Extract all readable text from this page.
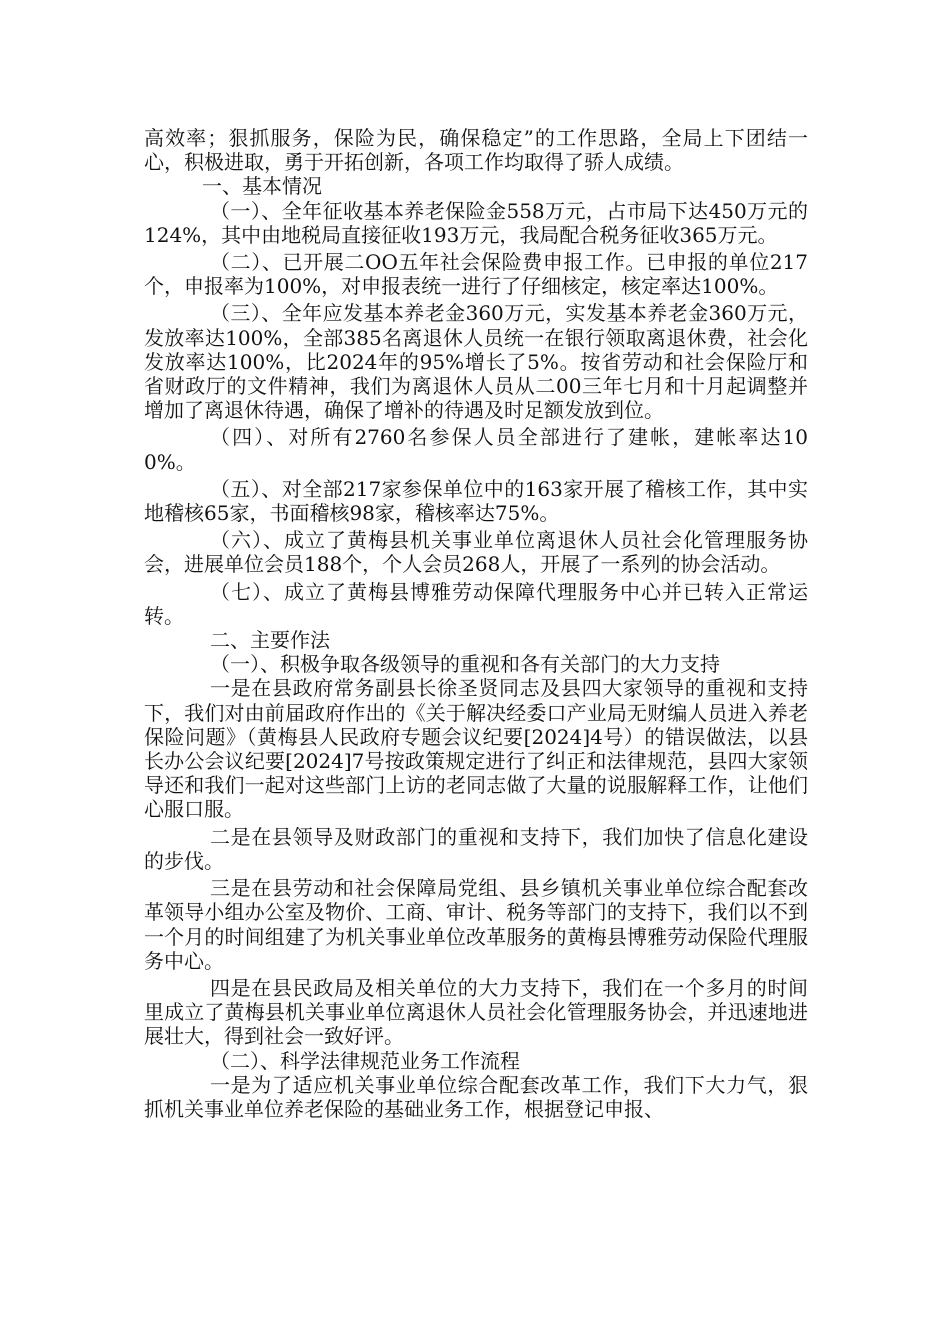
高效率；狠抓服务，保险为民，确保稳定”的工作思路，全局上下团结一心，积极进取，勇于开拓创新，各项工作均取得了骄人成绩。

一、基本情况

（一）、全年征收基本养老保险金558万元，占市局下达450万元的124%，其中由地税局直接征收193万元，我局配合税务征收365万元。

（二）、已开展二OO五年社会保险费申报工作。已申报的单位217个，申报率为100%，对申报表统一进行了仔细核定，核定率达100%。

（三）、全年应发基本养老金360万元，实发基本养老金360万元，发放率达100%，全部385名离退休人员统一在银行领取离退休费，社会化发放率达100%，比2024年的95%增长了5%。按省劳动和社会保险厅和省财政厅的文件精神，我们为离退休人员从二00三年七月和十月起调整并增加了离退休待遇，确保了增补的待遇及时足额发放到位。

（四）、对所有2760名参保人员全部进行了建帐，建帐率达100%。

（五）、对全部217家参保单位中的163家开展了稽核工作，其中实地稽核65家，书面稽核98家，稽核率达75%。

（六）、成立了黄梅县机关事业单位离退休人员社会化管理服务协会，进展单位会员188个，个人会员268人，开展了一系列的协会活动。

（七）、成立了黄梅县博雅劳动保障代理服务中心并已转入正常运转。

二、主要作法

（一）、积极争取各级领导的重视和各有关部门的大力支持

一是在县政府常务副县长徐圣贤同志及县四大家领导的重视和支持下，我们对由前届政府作出的《关于解决经委口产业局无财编人员进入养老保险问题》（黄梅县人民政府专题会议纪要[2024]4号）的错误做法，以县长办公会议纪要[2024]7号按政策规定进行了纠正和法律规范，县四大家领导还和我们一起对这些部门上访的老同志做了大量的说服解释工作，让他们心服口服。

二是在县领导及财政部门的重视和支持下，我们加快了信息化建设的步伐。

三是在县劳动和社会保障局党组、县乡镇机关事业单位综合配套改革领导小组办公室及物价、工商、审计、税务等部门的支持下，我们以不到一个月的时间组建了为机关事业单位改革服务的黄梅县博雅劳动保险代理服务中心。

四是在县民政局及相关单位的大力支持下，我们在一个多月的时间里成立了黄梅县机关事业单位离退休人员社会化管理服务协会，并迅速地进展壮大，得到社会一致好评。

（二）、科学法律规范业务工作流程

一是为了适应机关事业单位综合配套改革工作，我们下大力气，狠抓机关事业单位养老保险的基础业务工作，根据登记申报、
